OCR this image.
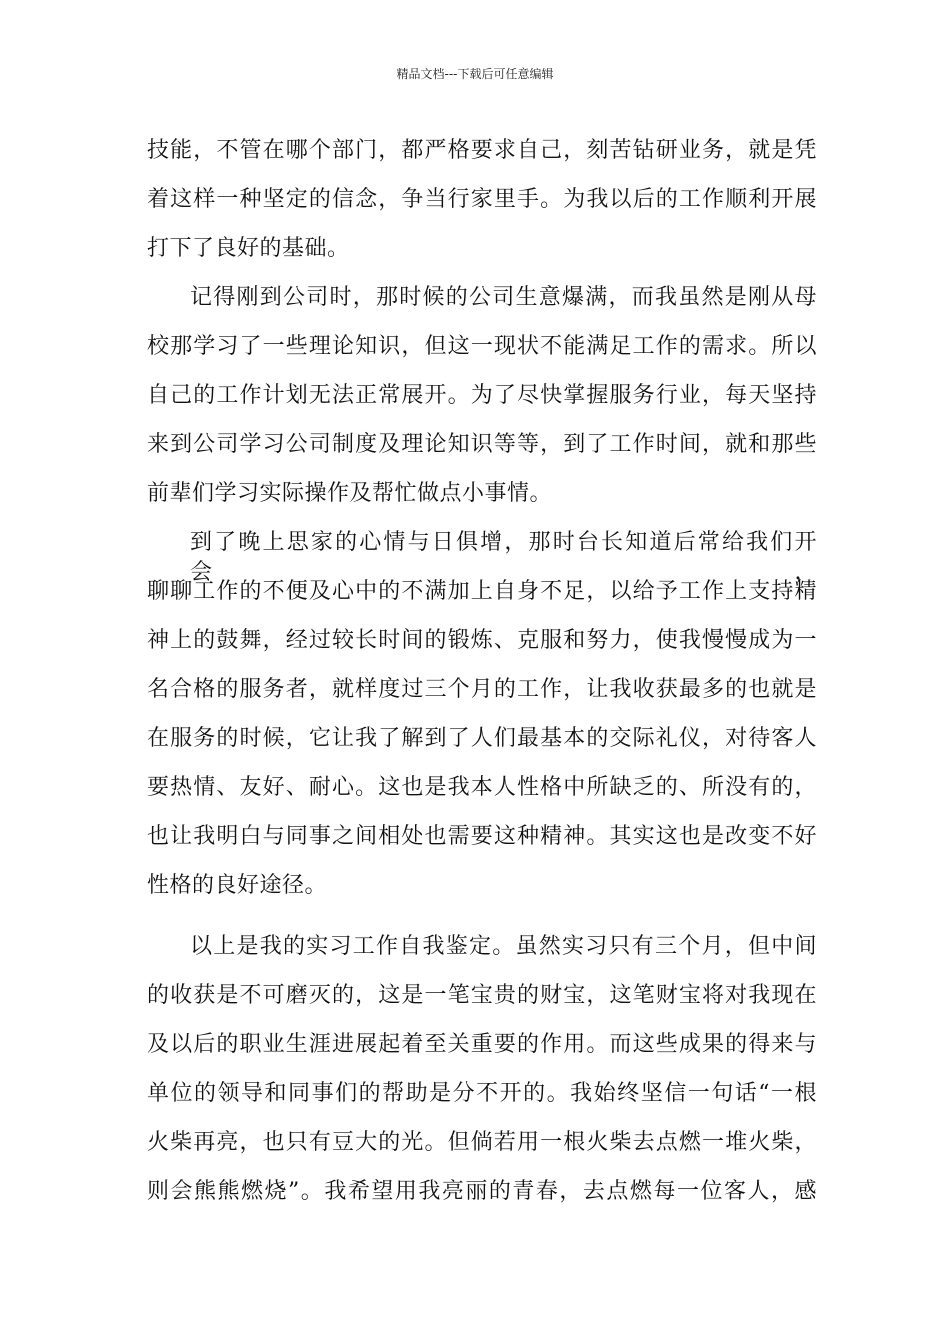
精品文档---下载后可任意编辑
技能，不管在哪个部门，都严格要求自己，刻苦钻研业务，就是凭
着这样一种坚定的信念，争当行家里手。为我以后的工作顺利开展
打下了良好的基础。
记得刚到公司时，那时候的公司生意爆满，而我虽然是刚从母
校那学习了一些理论知识，但这一现状不能满足工作的需求。所以
自己的工作计划无法正常展开。为了尽快掌握服务行业，每天坚持
来到公司学习公司制度及理论知识等等，到了工作时间，就和那些
前辈们学习实际操作及帮忙做点小事情。
到了晚上思家的心情与日俱增，那时台长知道后常给我们开会，
聊聊工作的不便及心中的不满加上自身不足，以给予工作上支持精
神上的鼓舞，经过较长时间的锻炼、克服和努力，使我慢慢成为一
名合格的服务者，就样度过三个月的工作，让我收获最多的也就是
在服务的时候，它让我了解到了人们最基本的交际礼仪，对待客人
要热情、友好、耐心。这也是我本人性格中所缺乏的、所没有的，
也让我明白与同事之间相处也需要这种精神。其实这也是改变不好
性格的良好途径。
以上是我的实习工作自我鉴定。虽然实习只有三个月，但中间
的收获是不可磨灭的，这是一笔宝贵的财宝，这笔财宝将对我现在
及以后的职业生涯进展起着至关重要的作用。而这些成果的得来与
单位的领导和同事们的帮助是分不开的。我始终坚信一句话“一根
火柴再亮，也只有豆大的光。但倘若用一根火柴去点燃一堆火柴，
则会熊熊燃烧”。我希望用我亮丽的青春，去点燃每一位客人，感
